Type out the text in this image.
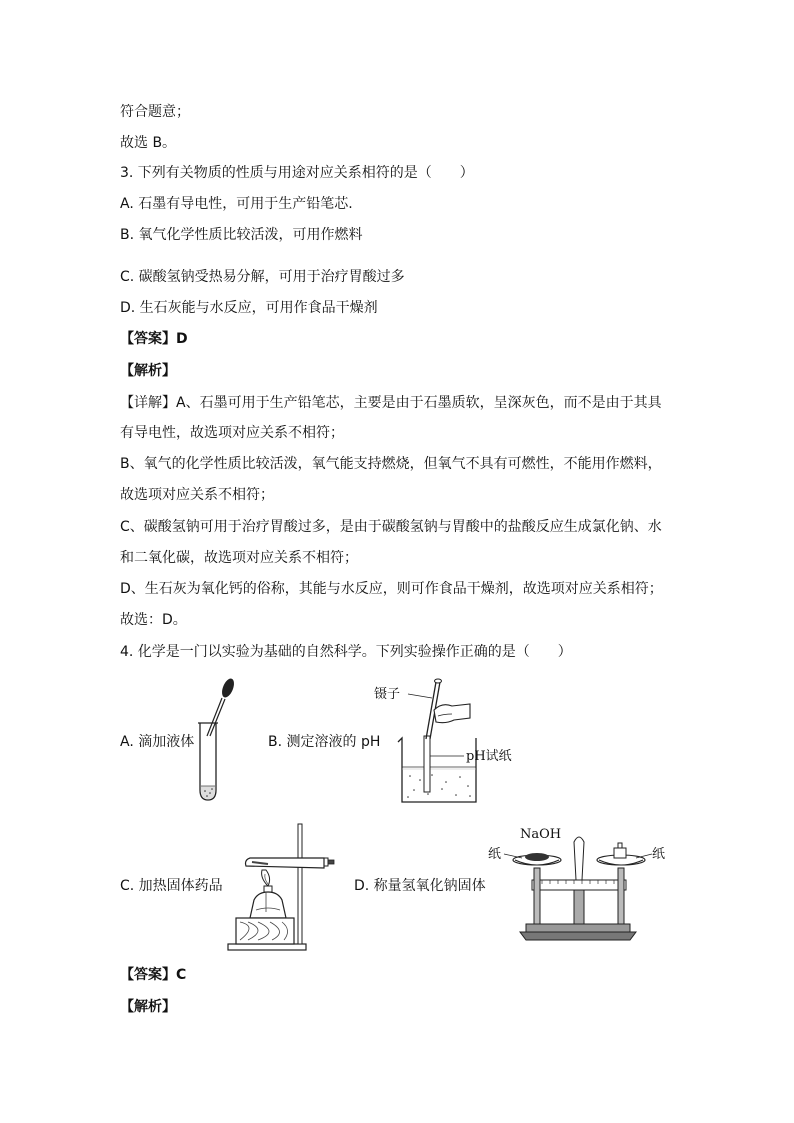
符合题意；
故选 B。
3. 下列有关物质的性质与用途对应关系相符的是（　　）
A. 石墨有导电性，可用于生产铅笔芯.
B. 氧气化学性质比较活泼，可用作燃料
C. 碳酸氢钠受热易分解，可用于治疗胃酸过多
D. 生石灰能与水反应，可用作食品干燥剂
【答案】D
【解析】
【详解】A、石墨可用于生产铅笔芯，主要是由于石墨质软，呈深灰色，而不是由于其具
有导电性，故选项对应关系不相符；
B、氧气的化学性质比较活泼，氧气能支持燃烧，但氧气不具有可燃性，不能用作燃料，
故选项对应关系不相符；
C、碳酸氢钠可用于治疗胃酸过多，是由于碳酸氢钠与胃酸中的盐酸反应生成氯化钠、水
和二氧化碳，故选项对应关系不相符；
D、生石灰为氧化钙的俗称，其能与水反应，则可作食品干燥剂，故选项对应关系相符；
故选：D。
4. 化学是一门以实验为基础的自然科学。下列实验操作正确的是（　　）
A. 滴加液体	B. 测定溶液的 pH
C. 加热固体药品	D. 称量氢氧化钠固体
镊子
pH试纸
NaOH
纸	纸
【答案】C
【解析】
